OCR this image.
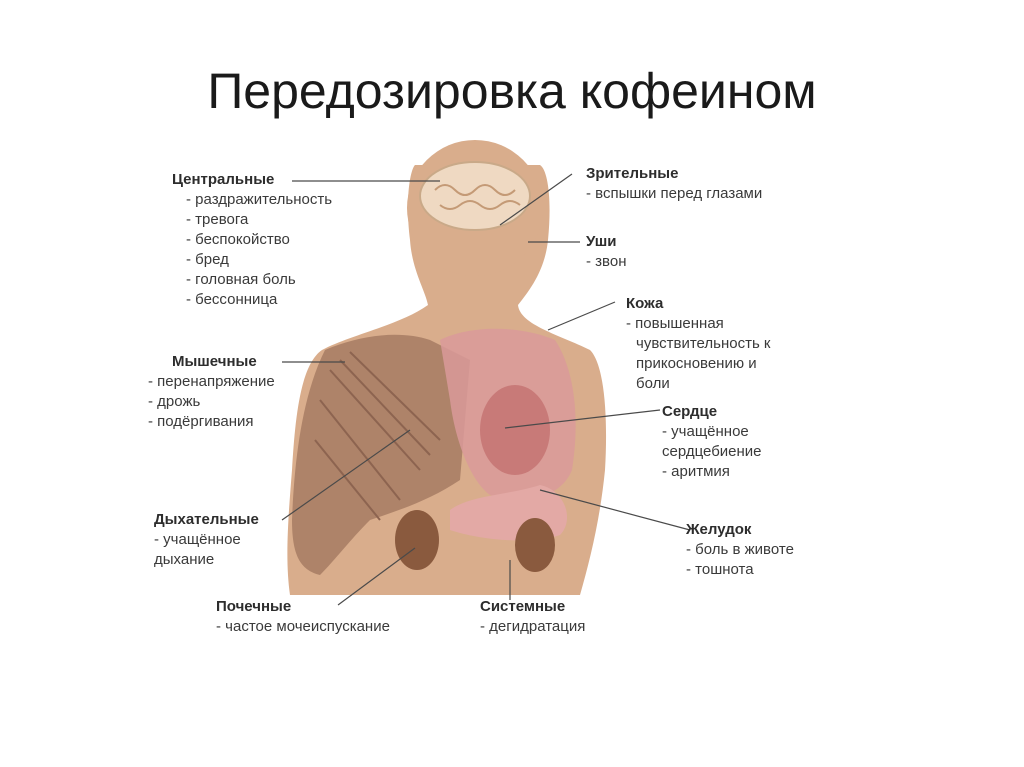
Передозировка кофеином
Центральные
- раздражительность
- тревога
- беспокойство
- бред
- головная боль
- бессонница
Зрительные
- вспышки перед глазами
Уши
- звон
Кожа
- повышенная
чувствительность к
прикосновению и
боли
Мышечные
- перенапряжение
- дрожь
- подёргивания
Сердце
- учащённое
сердцебиение
- аритмия
Дыхательные
- учащённое
дыхание
Желудок
- боль в животе
- тошнота
Почечные
- частое мочеиспускание
Системные
- дегидратация
